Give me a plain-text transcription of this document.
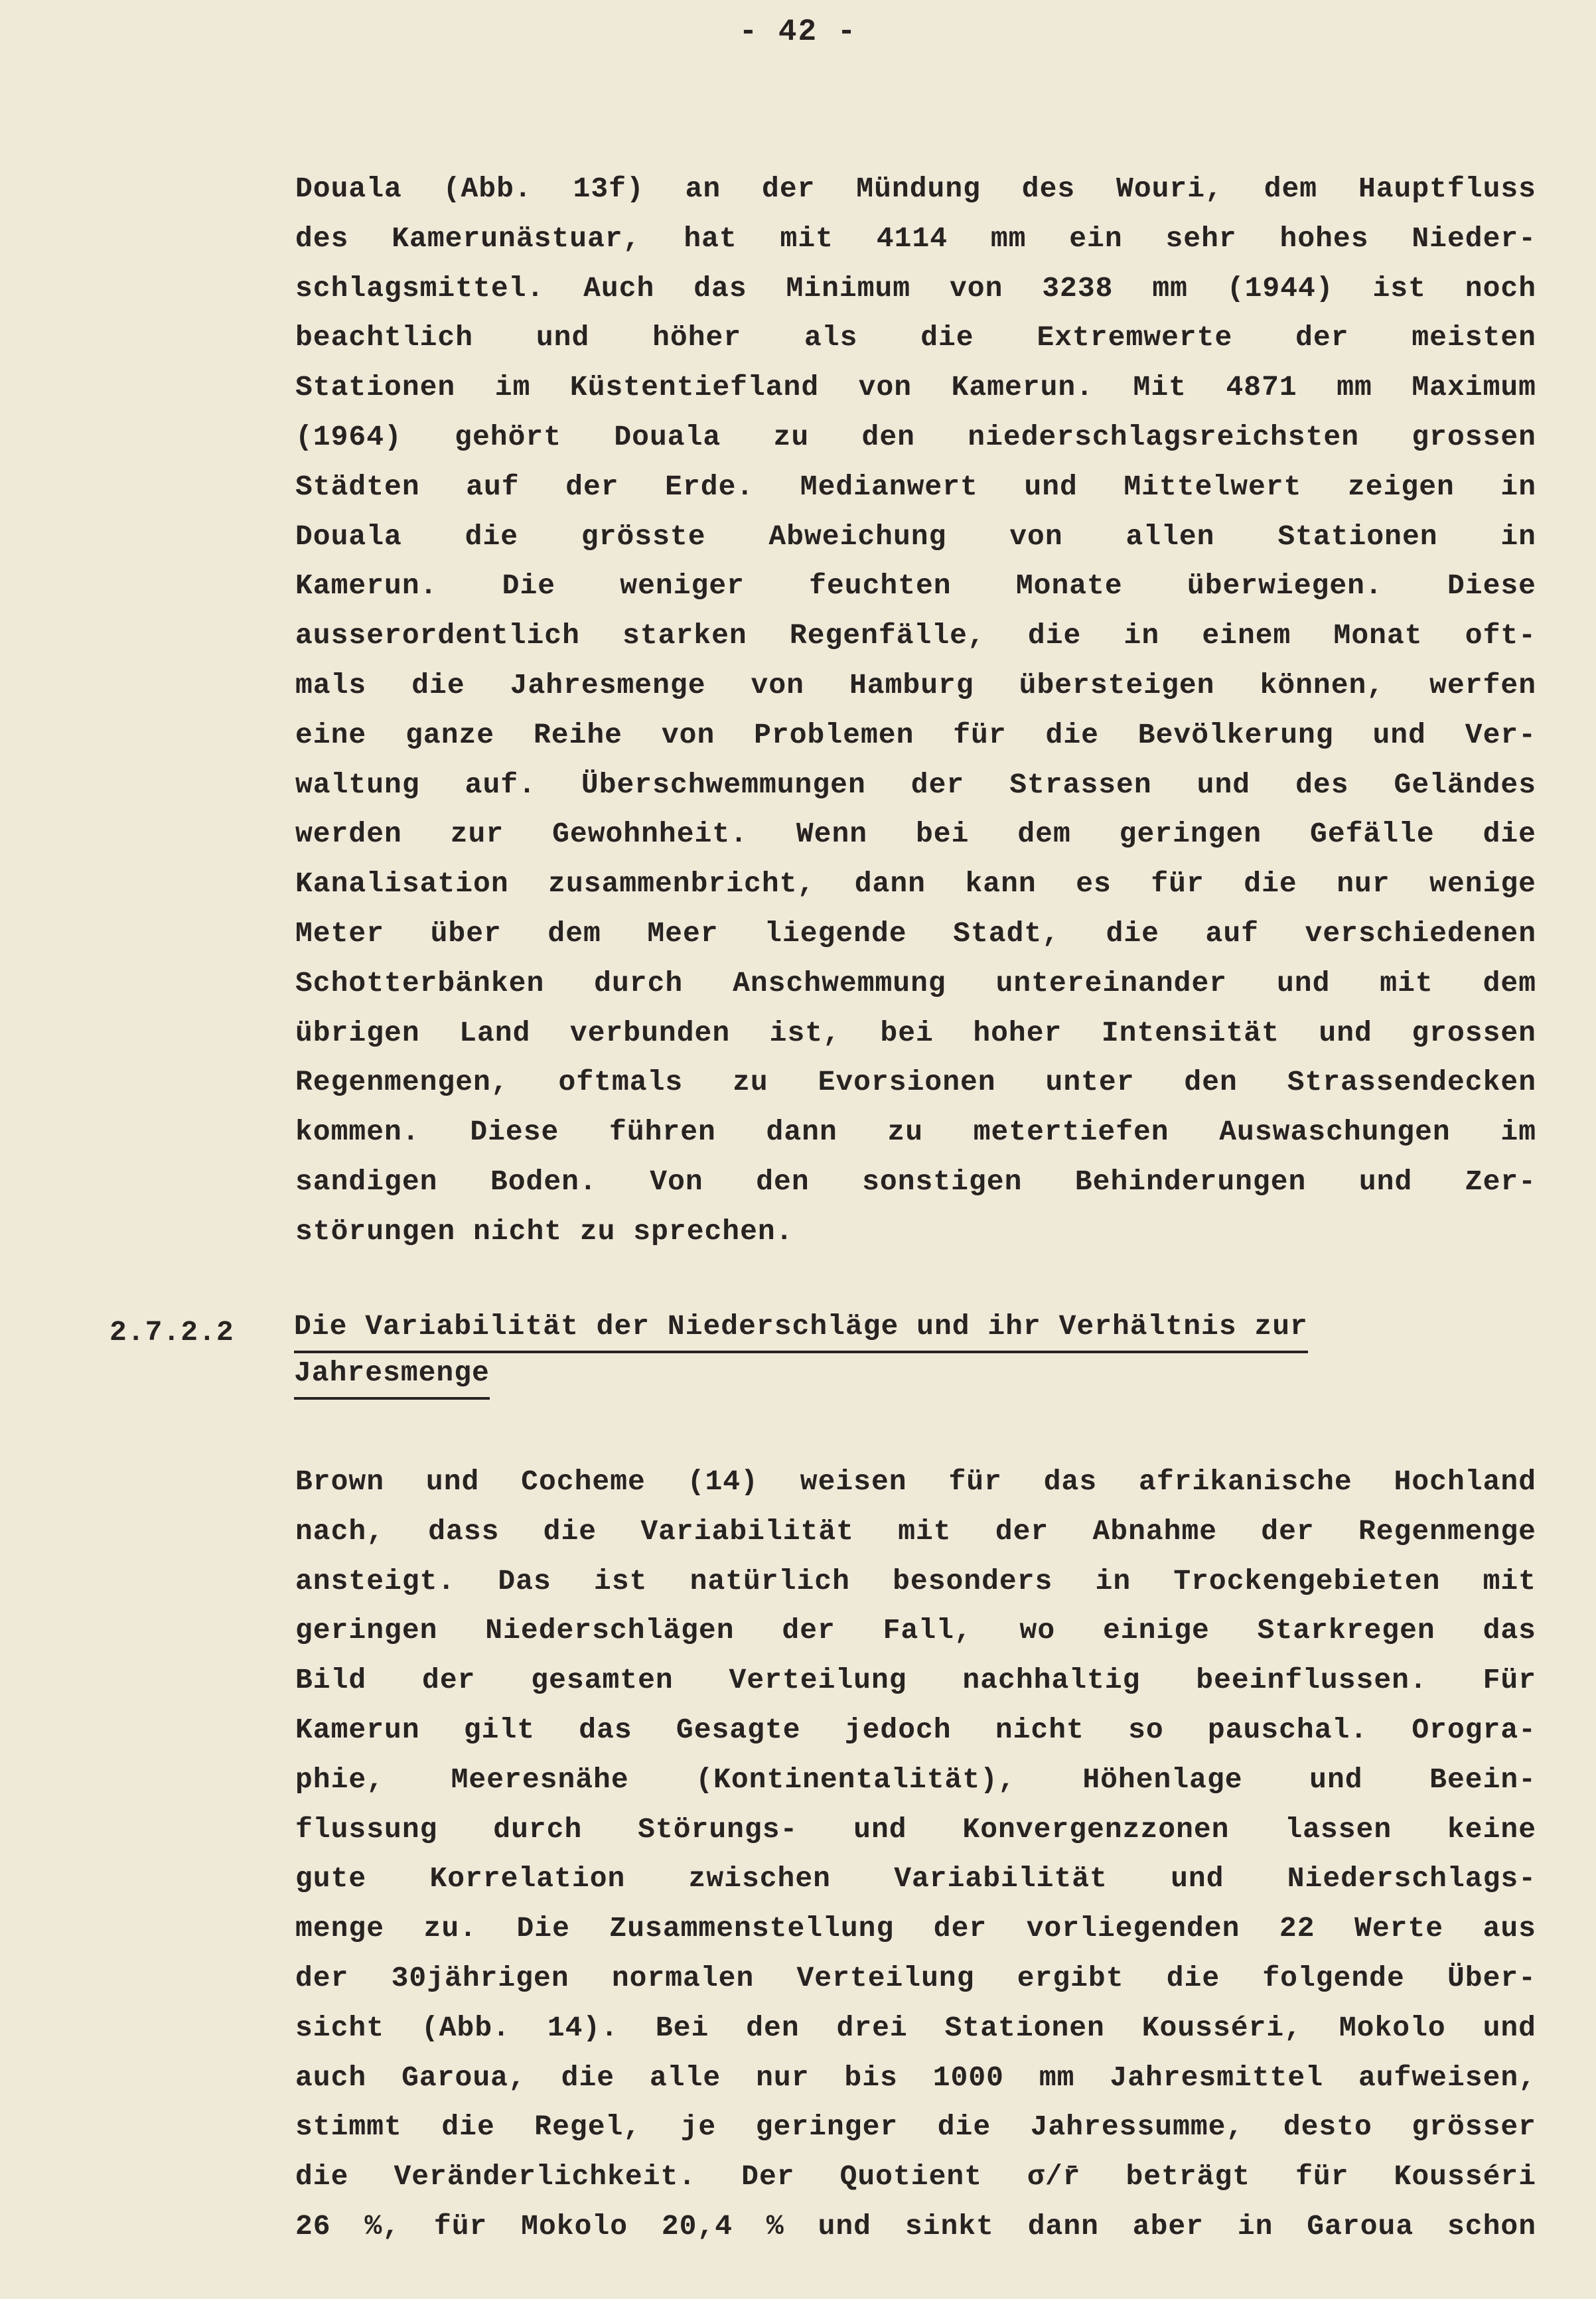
- 42 -
Douala (Abb. 13f) an der Mündung des Wouri, dem Hauptfluss
des Kamerunästuar, hat mit 4114 mm ein sehr hohes Nieder-
schlagsmittel. Auch das Minimum von 3238 mm (1944) ist noch
beachtlich und höher als die Extremwerte der meisten
Stationen im Küstentiefland von Kamerun. Mit 4871 mm Maximum
(1964) gehört Douala zu den niederschlagsreichsten grossen
Städten auf der Erde. Medianwert und Mittelwert zeigen in
Douala die grösste Abweichung von allen Stationen in
Kamerun. Die weniger feuchten Monate überwiegen. Diese
ausserordentlich starken Regenfälle, die in einem Monat oft-
mals die Jahresmenge von Hamburg übersteigen können, werfen
eine ganze Reihe von Problemen für die Bevölkerung und Ver-
waltung auf. Überschwemmungen der Strassen und des Geländes
werden zur Gewohnheit. Wenn bei dem geringen Gefälle die
Kanalisation zusammenbricht, dann kann es für die nur wenige
Meter über dem Meer liegende Stadt, die auf verschiedenen
Schotterbänken durch Anschwemmung untereinander und mit dem
übrigen Land verbunden ist, bei hoher Intensität und grossen
Regenmengen, oftmals zu Evorsionen unter den Strassendecken
kommen. Diese führen dann zu metertiefen Auswaschungen im
sandigen Boden. Von den sonstigen Behinderungen und Zer-
störungen nicht zu sprechen.
2.7.2.2 Die Variabilität der Niederschläge und ihr Verhältnis zur
Jahresmenge
Brown und Cocheme (14) weisen für das afrikanische Hochland
nach, dass die Variabilität mit der Abnahme der Regenmenge
ansteigt. Das ist natürlich besonders in Trockengebieten mit
geringen Niederschlägen der Fall, wo einige Starkregen das
Bild der gesamten Verteilung nachhaltig beeinflussen. Für
Kamerun gilt das Gesagte jedoch nicht so pauschal. Orogra-
phie, Meeresnähe (Kontinentalität), Höhenlage und Beein-
flussung durch Störungs- und Konvergenzzonen lassen keine
gute Korrelation zwischen Variabilität und Niederschlags-
menge zu. Die Zusammenstellung der vorliegenden 22 Werte aus
der 30jährigen normalen Verteilung ergibt die folgende Über-
sicht (Abb. 14). Bei den drei Stationen Kousséri, Mokolo und
auch Garoua, die alle nur bis 1000 mm Jahresmittel aufweisen,
stimmt die Regel, je geringer die Jahressumme, desto grösser
die Veränderlichkeit. Der Quotient σ/r̄ beträgt für Kousséri
26 %, für Mokolo 20,4 % und sinkt dann aber in Garoua schon
